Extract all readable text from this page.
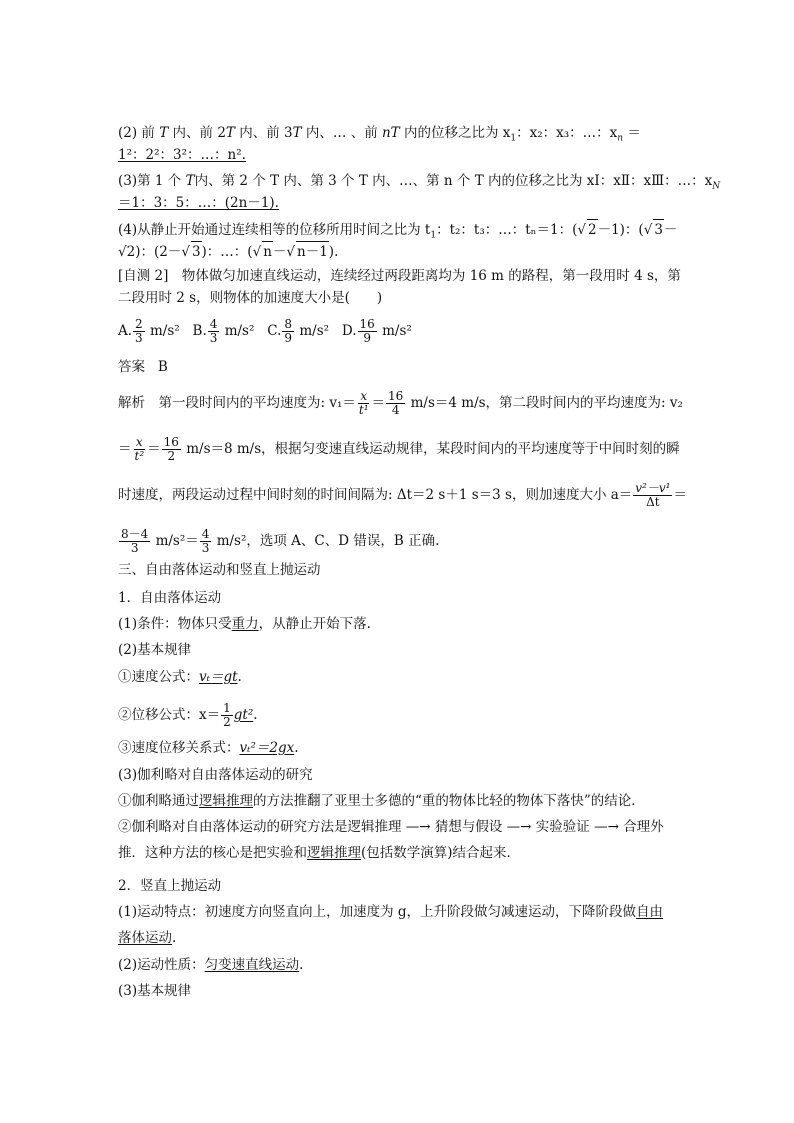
(2) 前 T 内、前 2T 内、前 3T 内、… 、前 nT 内的位移之比为 $x_1$：x₂：x₃：…：$x_n$ ＝
1²：2²：3²：…：n².
(3)第 1 个 T内、第 2 个 T 内、第 3 个 T 内、…、第 n 个 T 内的位移之比为 xⅠ：xⅡ：xⅢ：…：$x_N$
＝1：3：5：…：(2n－1).
(4)从静止开始通过连续相等的位移所用时间之比为 $t_1$：t₂：t₃：…：tₙ＝1：(√ 2－1)：(√ 3－
√2)：(2－√ 3)：…：(√ n－√ n－1).
[自测 2]　物体做匀加速直线运动，连续经过两段距离均为 16 m 的路程，第一段用时 4 s，第
二段用时 2 s，则物体的加速度大小是(　　)
A. $\frac{2}{3} m/s^2$ B. $\frac{4}{3} m/s^2$ C. $\frac{8}{9} m/s^2$ D. $\frac{16}{9} m/s^2$
答案 B
解析　第一段时间内的平均速度为: $v_1= \frac{x}{\text{t¹}} = \frac{16}{4} m/s=4$ m/s，第二段时间内的平均速度为: v₂
＝ $\frac{x}{\text{t²}} = \frac{16}{2} m/s=8$ m/s，根据匀变速直线运动规律，某段时间内的平均速度等于中间时刻的瞬
时速度，两段运动过程中间时刻的时间间隔为: Δt＝2 s＋1 s＝3 s，则加速度大小 $a= \frac{\text{v²－v¹}}{\Delta t}$ ＝
$\frac{8-4}{3} m/s^2= \frac{4}{3} m/s^2$，选项 A、C、D 错误，B 正确.
三、自由落体运动和竖直上抛运动
1．自由落体运动
(1)条件：物体只受重力，从静止开始下落.
(2)基本规律
①速度公式：vₜ＝gt.
②位移公式：$x= \frac{1}{2} gt^2$.
③速度位移关系式：vₜ²＝2gx.
(3)伽利略对自由落体运动的研究
①伽利略通过逻辑推理的方法推翻了亚里士多德的“重的物体比轻的物体下落快”的结论．
②伽利略对自由落体运动的研究方法是逻辑推理 —→ 猜想与假设 —→ 实验验证 —→ 合理外
推．这种方法的核心是把实验和逻辑推理(包括数学演算)结合起来．
2．竖直上抛运动
(1)运动特点：初速度方向竖直向上，加速度为 g，上升阶段做匀减速运动，下降阶段做自由
落体运动.
(2)运动性质：匀变速直线运动.
(3)基本规律
